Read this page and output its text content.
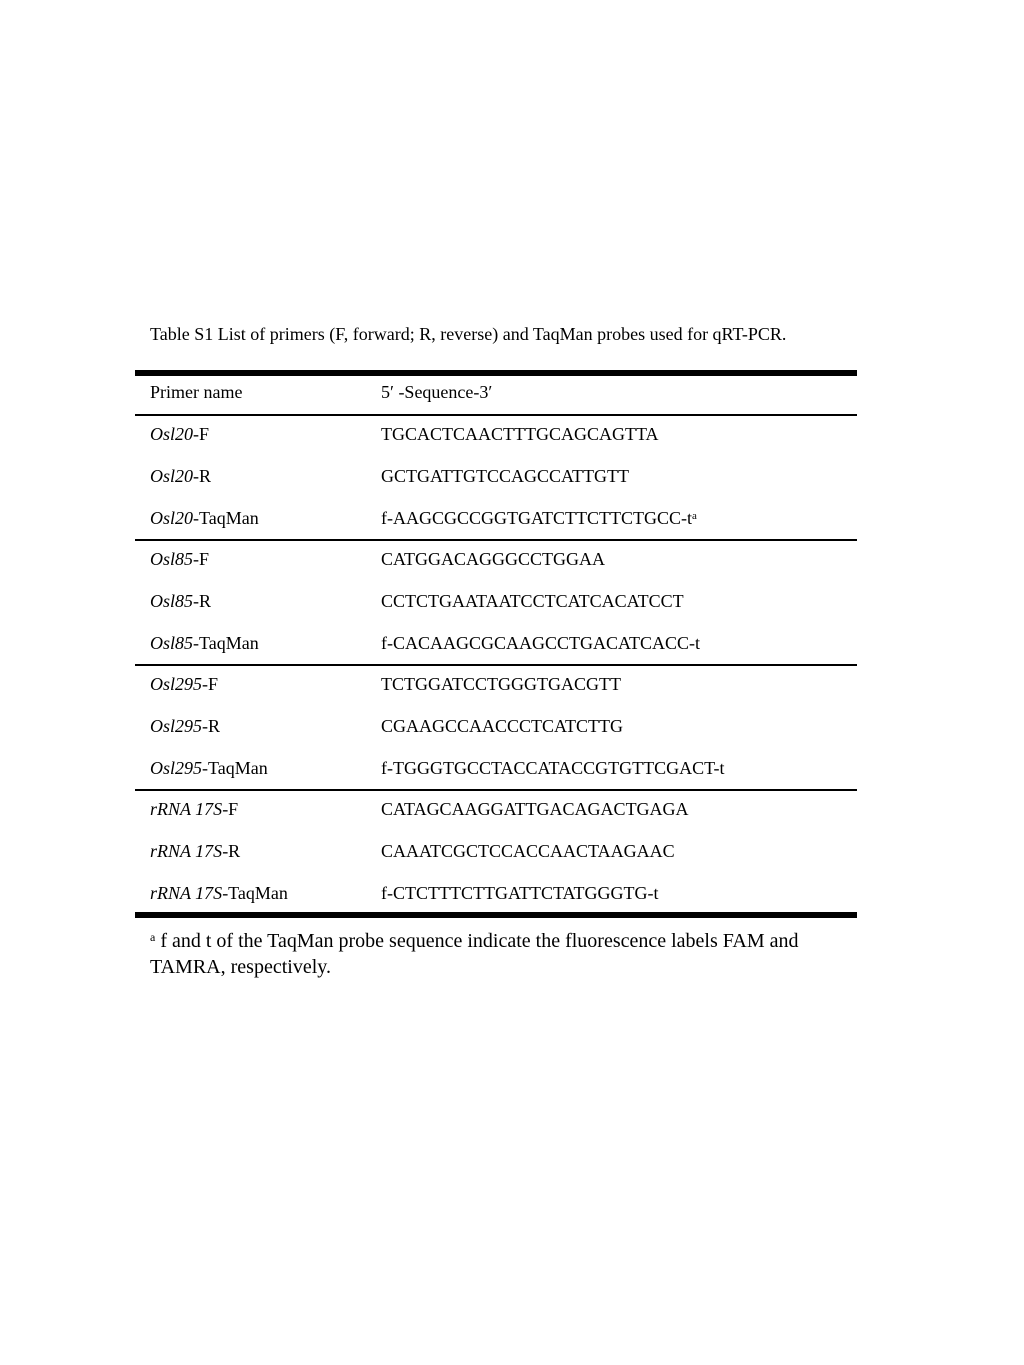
Table S1 List of primers (F, forward; R, reverse) and TaqMan probes used for qRT-PCR.
Primer name	5′ -Sequence-3′
Osl20-F	TGCACTCAACTTTGCAGCAGTTA
Osl20-R	GCTGATTGTCCAGCCATTGTT
Osl20-TaqMan	$f-AAGCGCCGGTGATCTTCTTCTGCC-t^a$
Osl85-F	CATGGACAGGGCCTGGAA
Osl85-R	CCTCTGAATAATCCTCATCACATCCT
Osl85-TaqMan	f-CACAAGCGCAAGCCTGACATCACC-t
Osl295-F	TCTGGATCCTGGGTGACGTT
Osl295-R	CGAAGCCAACCCTCATCTTG
Osl295-TaqMan	f-TGGGTGCCTACCATACCGTGTTCGACT-t
rRNA 17S-F	CATAGCAAGGATTGACAGACTGAGA
rRNA 17S-R	CAAATCGCTCCACCAACTAAGAAC
rRNA 17S-TaqMan	f-CTCTTTCTTGATTCTATGGGTG-t
$^a$ f and t of the TaqMan probe sequence indicate the fluorescence labels FAM and TAMRA, respectively.
